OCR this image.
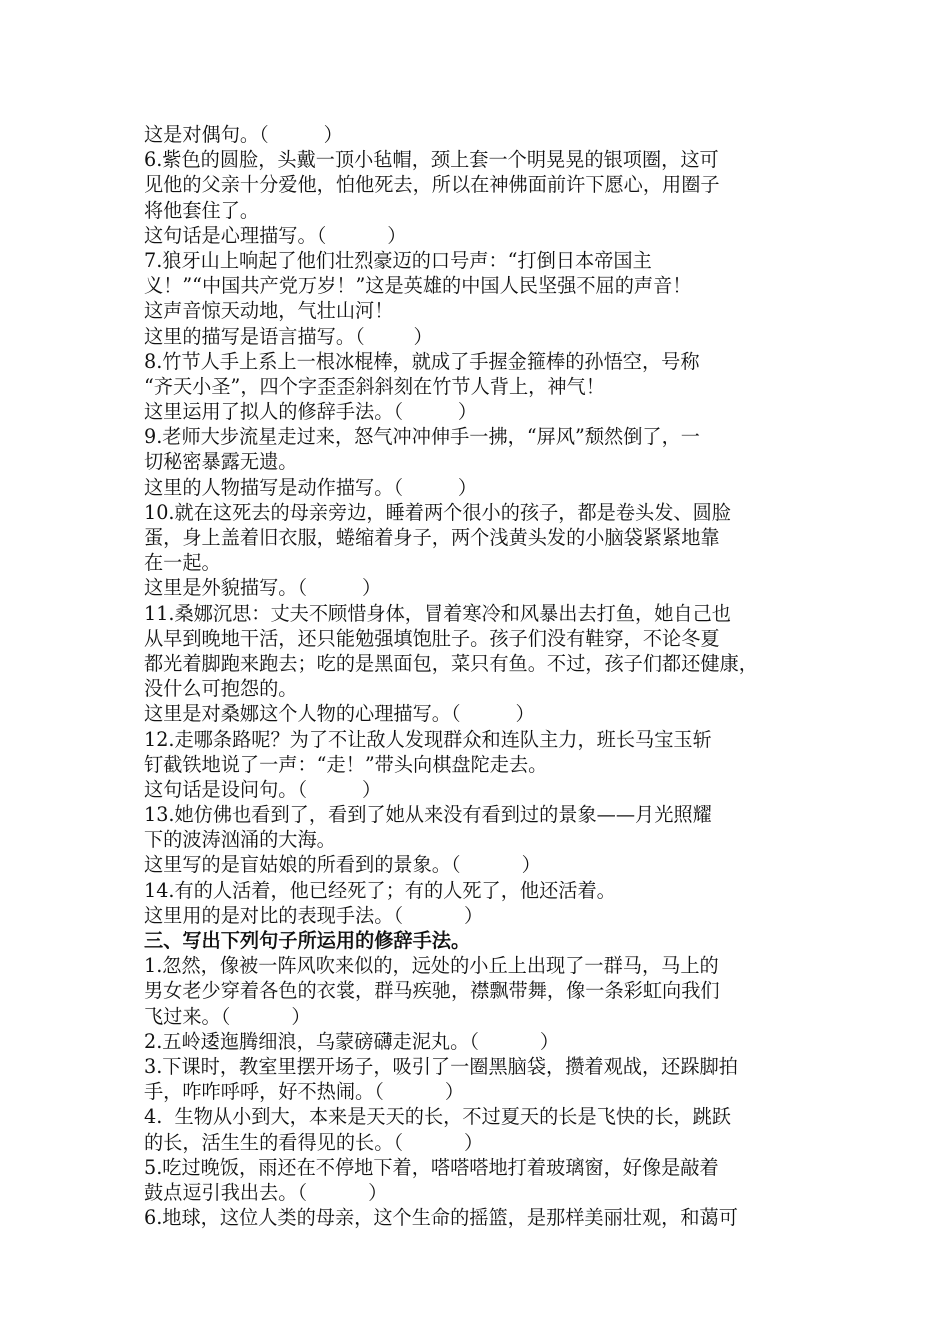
这是对偶句。（         ）
6.紫色的圆脸，头戴一顶小毡帽，颈上套一个明晃晃的银项圈，这可
见他的父亲十分爱他，怕他死去，所以在神佛面前许下愿心，用圈子
将他套住了。
这句话是心理描写。（          ）
7.狼牙山上响起了他们壮烈豪迈的口号声：“打倒日本帝国主
义！”“中国共产党万岁！”这是英雄的中国人民坚强不屈的声音！
这声音惊天动地，气壮山河！
这里的描写是语言描写。（        ）
8.竹节人手上系上一根冰棍棒，就成了手握金箍棒的孙悟空，号称
“齐天小圣”，四个字歪歪斜斜刻在竹节人背上，神气！
这里运用了拟人的修辞手法。（         ）
9.老师大步流星走过来，怒气冲冲伸手一拂，“屏风”颓然倒了，一
切秘密暴露无遗。
这里的人物描写是动作描写。（         ）
10.就在这死去的母亲旁边，睡着两个很小的孩子，都是卷头发、圆脸
蛋，身上盖着旧衣服，蜷缩着身子，两个浅黄头发的小脑袋紧紧地靠
在一起。
这里是外貌描写。（         ）
11.桑娜沉思：丈夫不顾惜身体，冒着寒冷和风暴出去打鱼，她自己也
从早到晚地干活，还只能勉强填饱肚子。孩子们没有鞋穿，不论冬夏
都光着脚跑来跑去；吃的是黑面包，菜只有鱼。不过，孩子们都还健康，
没什么可抱怨的。
这里是对桑娜这个人物的心理描写。（         ）
12.走哪条路呢？为了不让敌人发现群众和连队主力，班长马宝玉斩
钉截铁地说了一声：“走！”带头向棋盘陀走去。
这句话是设问句。（         ）
13.她仿佛也看到了，看到了她从来没有看到过的景象——月光照耀
下的波涛汹涌的大海。
这里写的是盲姑娘的所看到的景象。（          ）
14.有的人活着，他已经死了；有的人死了，他还活着。
这里用的是对比的表现手法。（          ）
三、写出下列句子所运用的修辞手法。
1.忽然，像被一阵风吹来似的，远处的小丘上出现了一群马，马上的
男女老少穿着各色的衣裳，群马疾驰，襟飘带舞，像一条彩虹向我们
飞过来。（          ）
2.五岭逶迤腾细浪，乌蒙磅礴走泥丸。（          ）
3.下课时，教室里摆开场子，吸引了一圈黑脑袋，攒着观战，还跺脚拍
手，咋咋呼呼，好不热闹。（          ）
4.  生物从小到大，本来是天天的长，不过夏天的长是飞快的长，跳跃
的长，活生生的看得见的长。（          ）
5.吃过晚饭，雨还在不停地下着，嗒嗒嗒地打着玻璃窗，好像是敲着
鼓点逗引我出去。（          ）
6.地球，这位人类的母亲，这个生命的摇篮，是那样美丽壮观，和蔼可
